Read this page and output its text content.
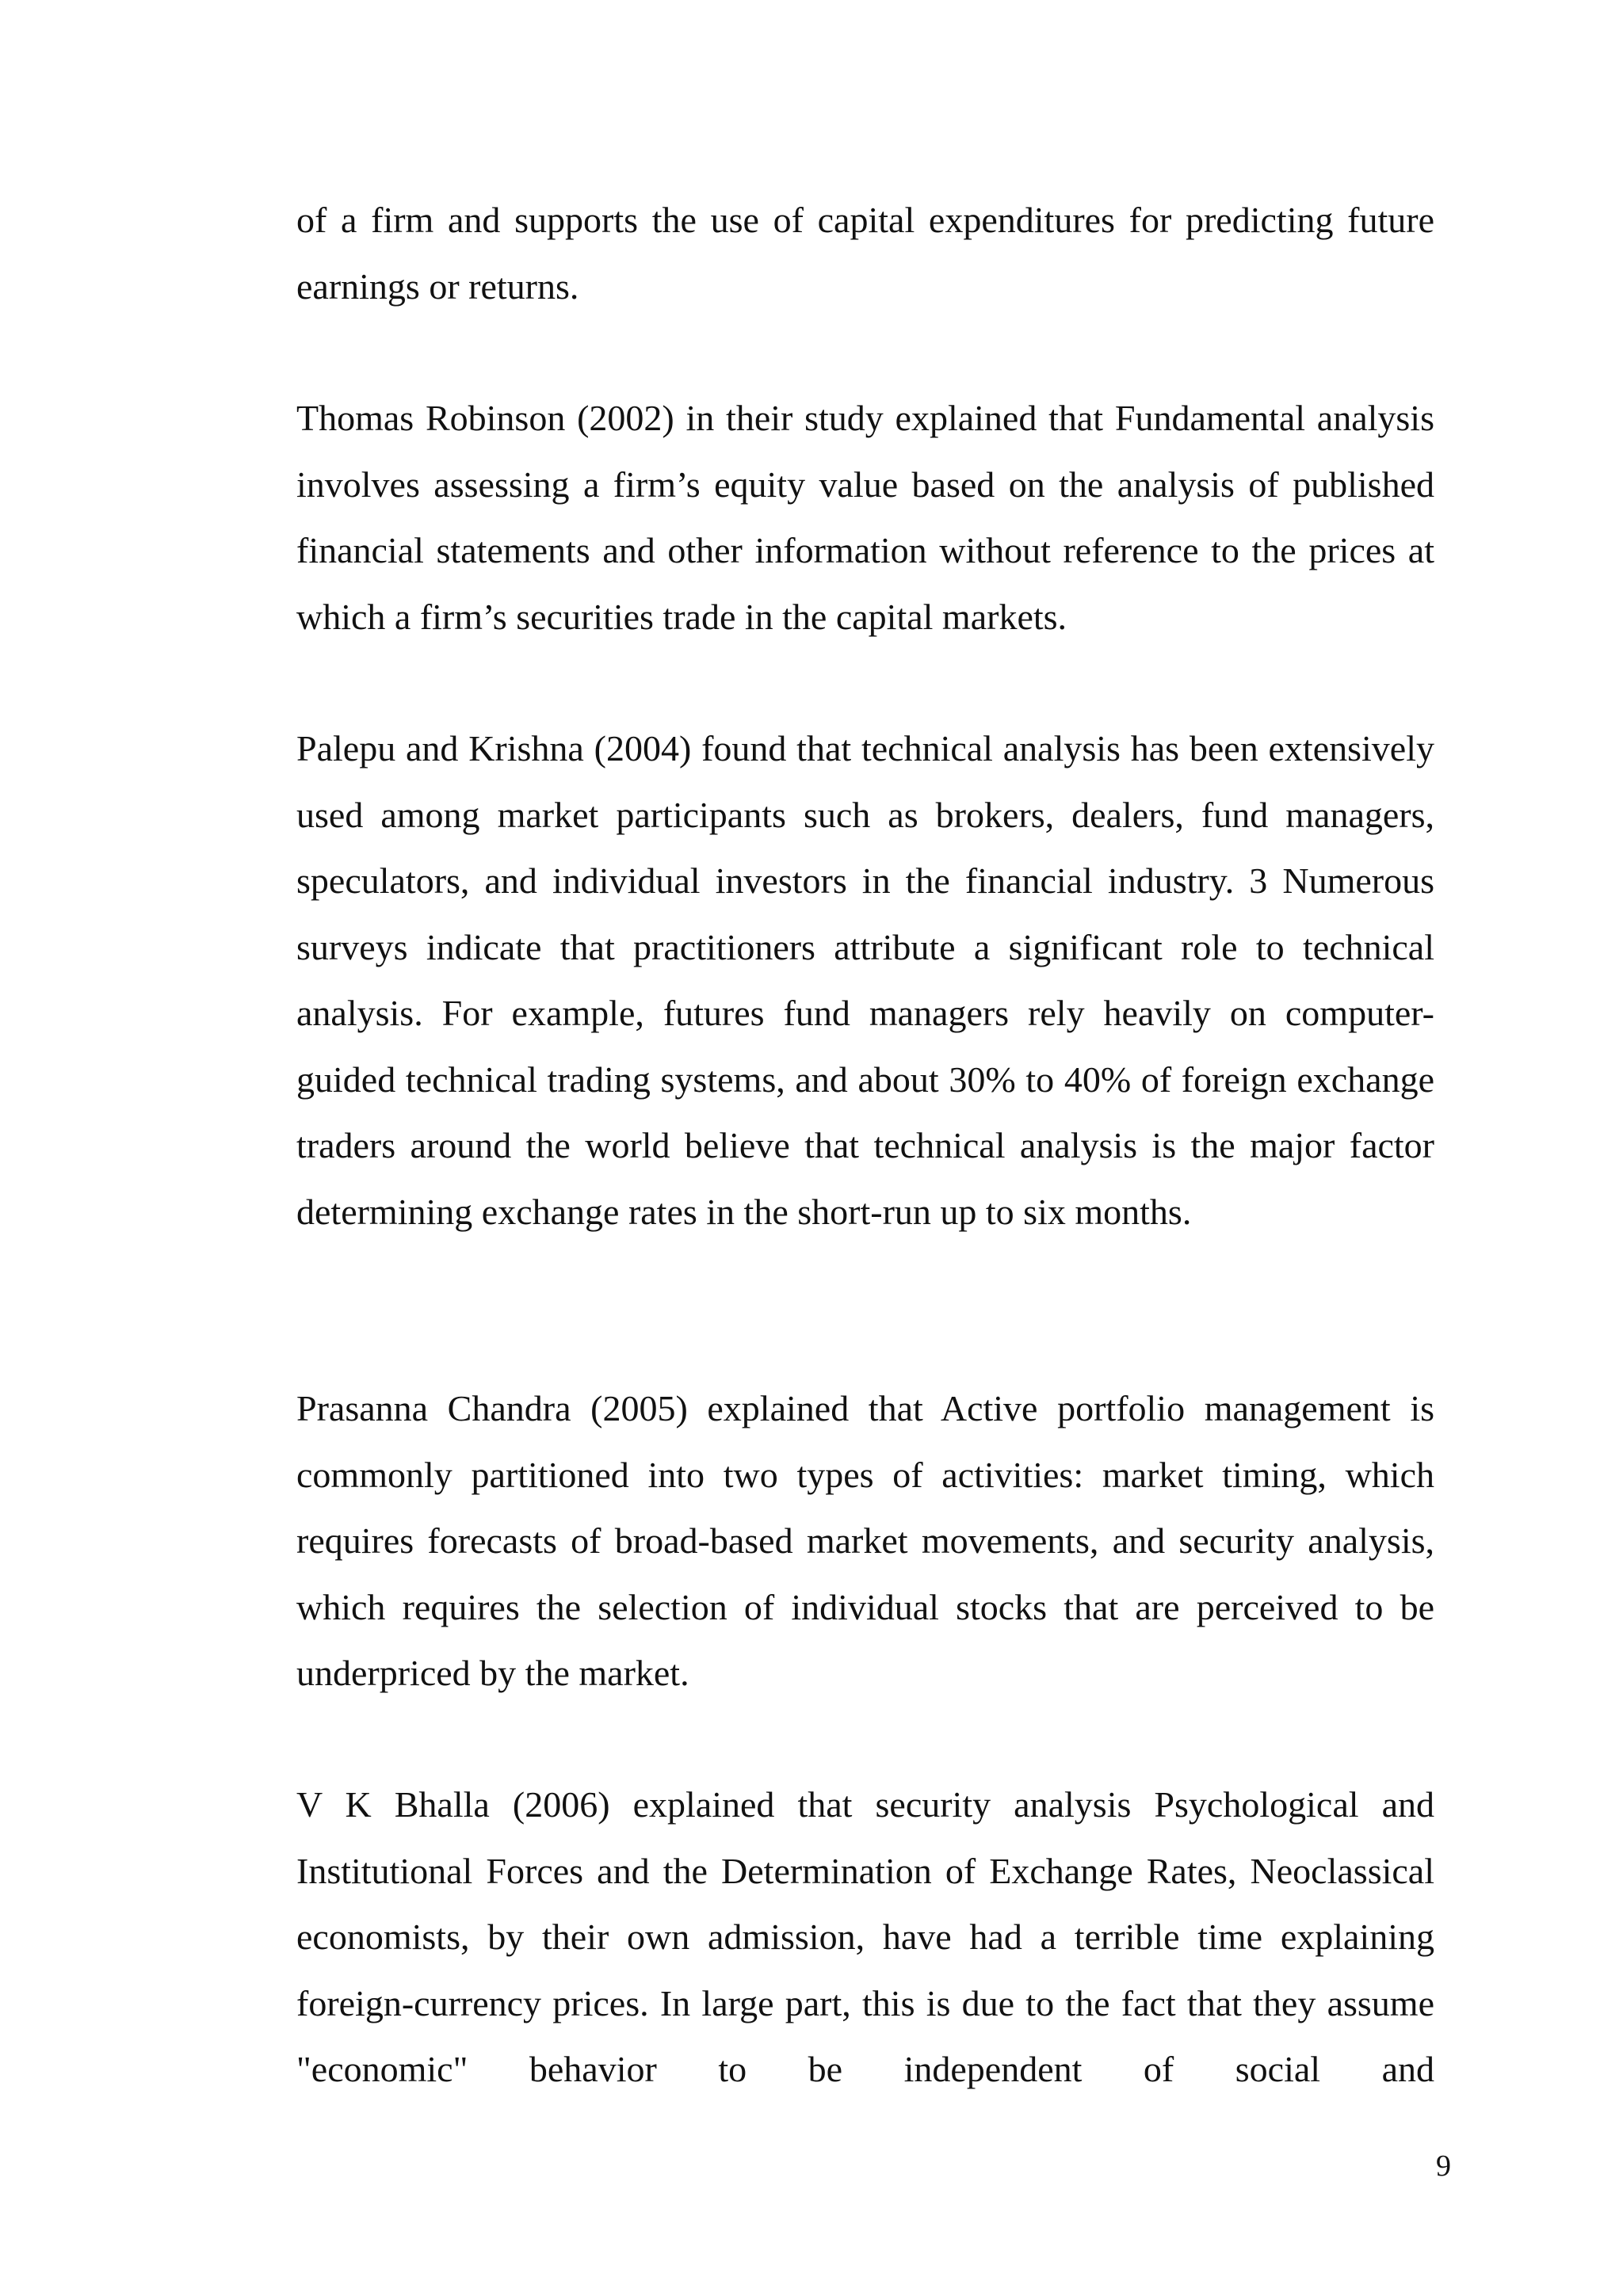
of a firm and supports the use of capital expenditures for predicting future earnings or returns.

Thomas Robinson (2002) in their study explained that Fundamental analysis involves assessing a firm’s equity value based on the analysis of published financial statements and other information without reference to the prices at which a firm’s securities trade in the capital markets.

Palepu and Krishna (2004) found that technical analysis has been extensively used among market participants such as brokers, dealers, fund managers, speculators, and individual investors in the financial industry. 3 Numerous surveys indicate that practitioners attribute a significant role to technical analysis. For example, futures fund managers rely heavily on computer-guided technical trading systems, and about 30% to 40% of foreign exchange traders around the world believe that technical analysis is the major factor determining exchange rates in the short-run up to six months.

Prasanna Chandra (2005) explained that Active portfolio management is commonly partitioned into two types of activities: market timing, which requires forecasts of broad-based market movements, and security analysis, which requires the selection of individual stocks that are perceived to be underpriced by the market.

V K Bhalla (2006) explained that security analysis Psychological and Institutional Forces and the Determination of Exchange Rates, Neoclassical economists, by their own admission, have had a terrible time explaining foreign-currency prices. In large part, this is due to the fact that they assume "economic" behavior to be independent of social and

9
